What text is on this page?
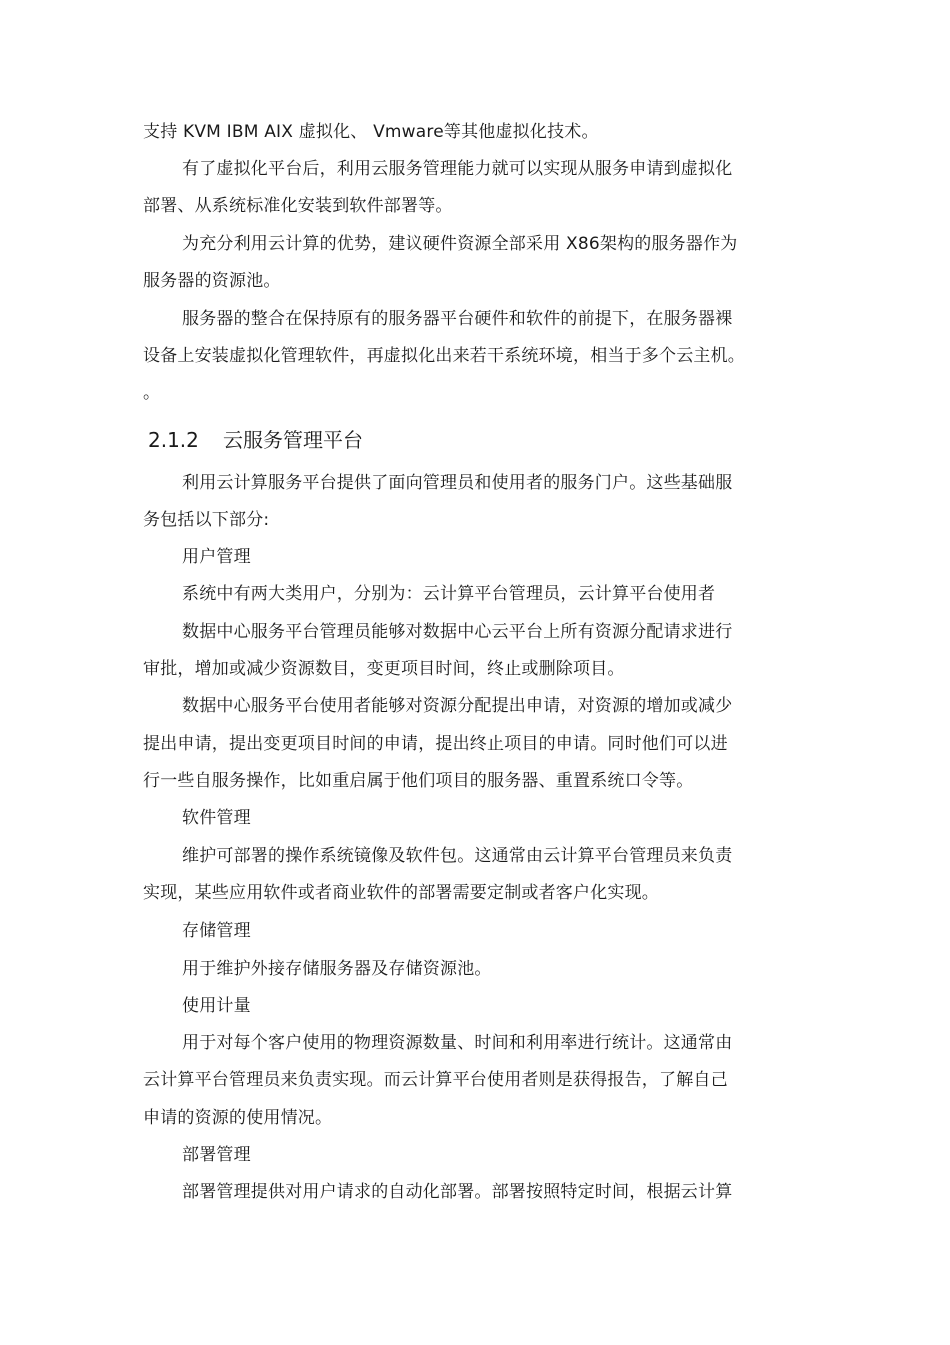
支持 KVM IBM AIX 虚拟化、 Vmware等其他虚拟化技术。
有了虚拟化平台后，利用云服务管理能力就可以实现从服务申请到虚拟化
部署、从系统标准化安装到软件部署等。
为充分利用云计算的优势，建议硬件资源全部采用 X86架构的服务器作为
服务器的资源池。
服务器的整合在保持原有的服务器平台硬件和软件的前提下，在服务器裸
设备上安装虚拟化管理软件，再虚拟化出来若干系统环境，相当于多个云主机。
。
2.1.2 云服务管理平台
利用云计算服务平台提供了面向管理员和使用者的服务门户。这些基础服
务包括以下部分:
用户管理
系统中有两大类用户，分别为：云计算平台管理员，云计算平台使用者
数据中心服务平台管理员能够对数据中心云平台上所有资源分配请求进行
审批，增加或减少资源数目，变更项目时间，终止或删除项目。
数据中心服务平台使用者能够对资源分配提出申请，对资源的增加或减少
提出申请，提出变更项目时间的申请，提出终止项目的申请。同时他们可以进
行一些自服务操作，比如重启属于他们项目的服务器、重置系统口令等。
软件管理
维护可部署的操作系统镜像及软件包。这通常由云计算平台管理员来负责
实现，某些应用软件或者商业软件的部署需要定制或者客户化实现。
存储管理
用于维护外接存储服务器及存储资源池。
使用计量
用于对每个客户使用的物理资源数量、时间和利用率进行统计。这通常由
云计算平台管理员来负责实现。而云计算平台使用者则是获得报告，了解自己
申请的资源的使用情况。
部署管理
部署管理提供对用户请求的自动化部署。部署按照特定时间，根据云计算
